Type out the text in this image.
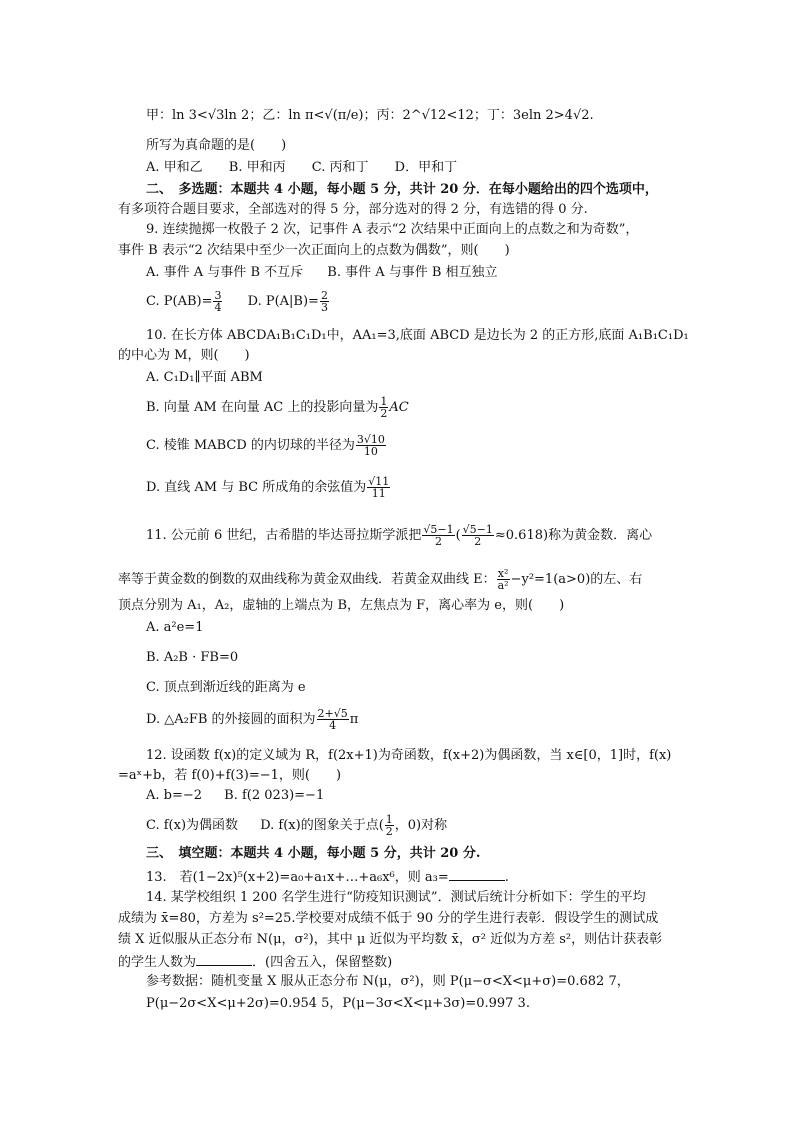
甲：ln 3<√3ln 2；乙：ln π<√(π/e)；丙：2^√12<12；丁：3eln 2>4√2.
所写为真命题的是(　　)
A. 甲和乙 B. 甲和丙 C. 丙和丁 D．甲和丁
二、　多选题：本题共 4 小题，每小题 5 分，共计 20 分．在每小题给出的四个选项中，
有多项符合题目要求，全部选对的得 5 分，部分选对的得 2 分，有选错的得 0 分.
9. 连续抛掷一枚骰子 2 次，记事件 A 表示“2 次结果中正面向上的点数之和为奇数”，
事件 B 表示“2 次结果中至少一次正面向上的点数为偶数”，则(　　)
A. 事件 A 与事件 B 不互斥 B. 事件 A 与事件 B 相互独立
C. $P(AB)= \frac{3}{4} D$. $P(A|B)= \frac{2}{3}$
10. 在长方体 ABCDA₁B₁C₁D₁中，AA₁=3,底面 ABCD 是边长为 2 的正方形,底面 A₁B₁C₁D₁
的中心为 M，则(　　)
A. C₁D₁∥平面 ABM
B. 向量 AM 在向量 AC 上的投影向量为 $\frac{1}{2}$ AC
C. 棱锥 MABCD 的内切球的半径为 $\frac{3√10}{10}$
D. 直线 AM 与 BC 所成角的余弦值为 $\frac{√11}{11}$
11. 公元前 6 世纪，古希腊的毕达哥拉斯学派把 $\frac{√5-1}{2}$ ( $\frac{√5-1}{2} \approx 0.618$)称为黄金数．离心
率等于黄金数的倒数的双曲线称为黄金双曲线．若黄金双曲线 E： $\frac{\text{x²}}{\text{a²}} -y^2=1(a>0)$的左、右
顶点分别为 A₁，A₂，虚轴的上端点为 B，左焦点为 F，离心率为 e，则(　　)
A. a²e=1
B. A₂B · FB=0
C. 顶点到渐近线的距离为 e
D. △A₂FB 的外接圆的面积为 $\frac{2+√5}{4}$ π
12. 设函数 f(x)的定义域为 R，f(2x+1)为奇函数，f(x+2)为偶函数，当 x∈[0，1]时，f(x)
=aˣ+b，若 f(0)+f(3)=−1，则(　　)
A. b=−2 B. f(2 023)=−1
C. f(x)为偶函数 D. f(x)的图象关于点( $\frac{1}{2}$ ，0)对称
三、　填空题：本题共 4 小题，每小题 5 分，共计 20 分.
13.　若(1−2x)⁵(x+2)=a₀+a₁x+…+a₆x⁶，则 a₃=	.
14. 某学校组织 1 200 名学生进行“防疫知识测试”．测试后统计分析如下：学生的平均
成绩为 x̄=80，方差为 s²=25.学校要对成绩不低于 90 分的学生进行表彰．假设学生的测试成
绩 X 近似服从正态分布 N(μ，σ²)，其中 μ 近似为平均数 x̄，σ² 近似为方差 s²，则估计获表彰
的学生人数为	．(四舍五入，保留整数)
参考数据：随机变量 X 服从正态分布 N(μ，σ²)，则 P(μ−σ<X<μ+σ)=0.682 7，
P(μ−2σ<X<μ+2σ)=0.954 5，P(μ−3σ<X<μ+3σ)=0.997 3.
